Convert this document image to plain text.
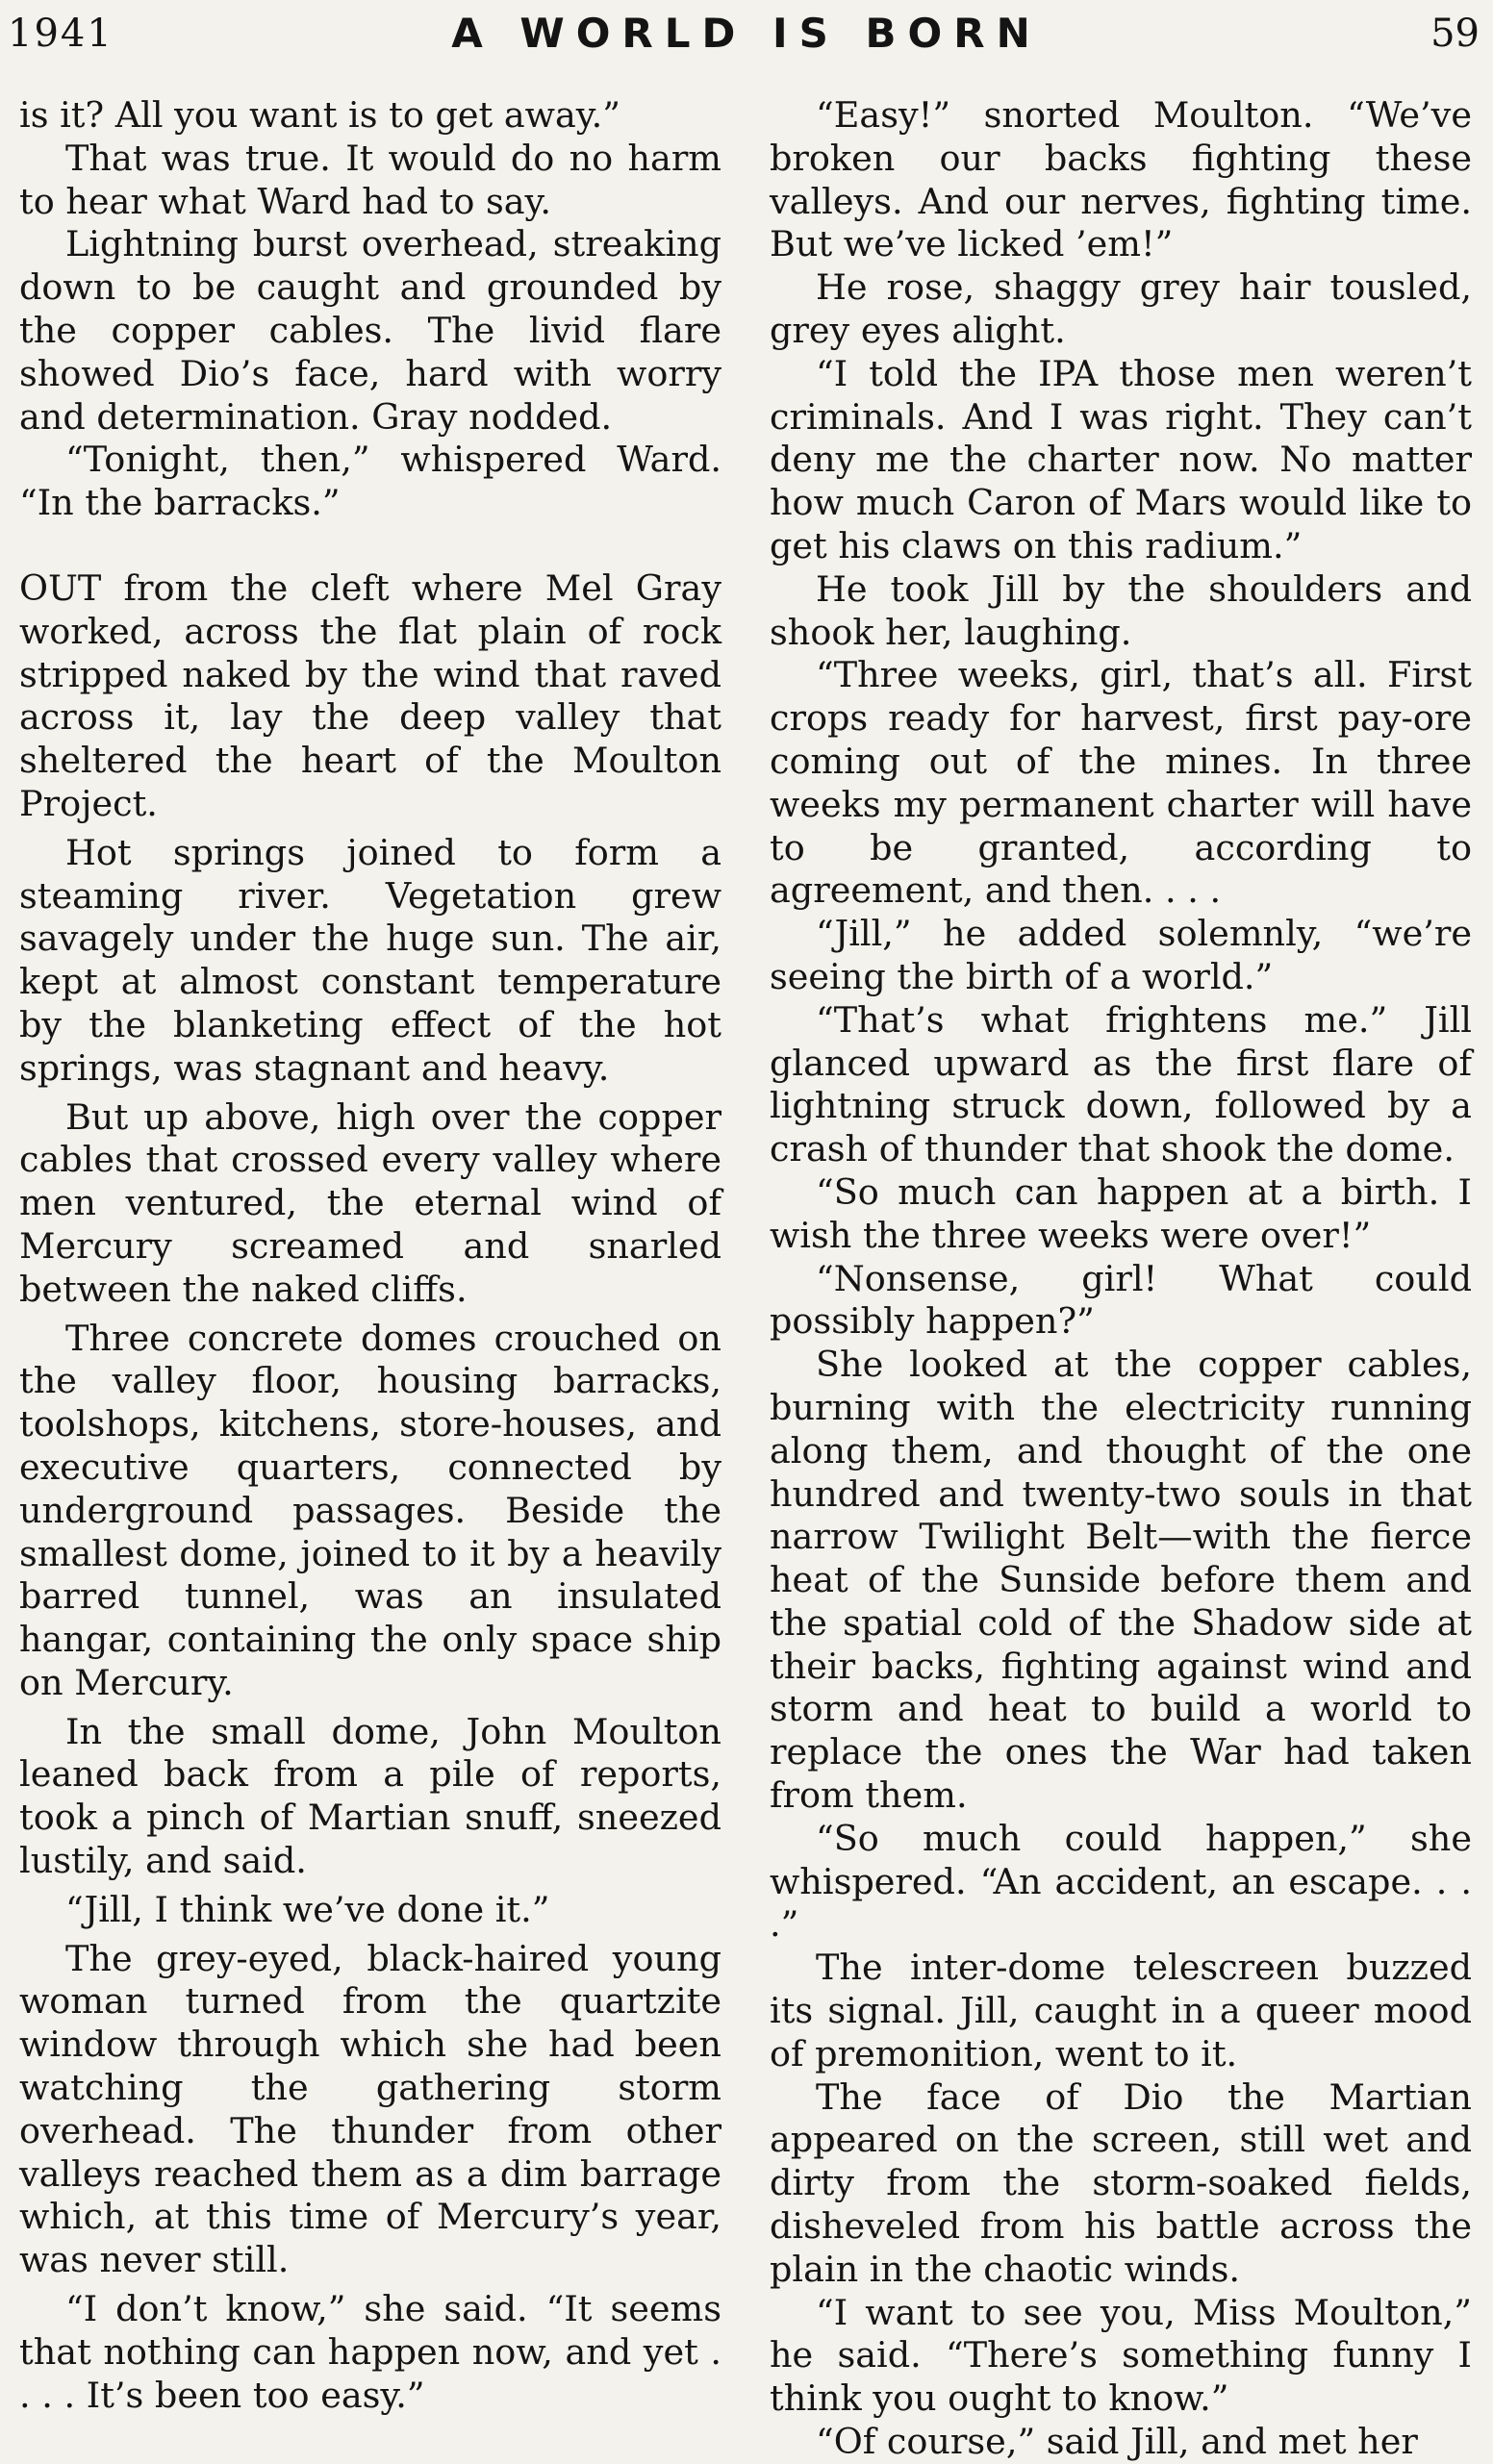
1941	A WORLD IS BORN	59

is it? All you want is to get away.”

That was true. It would do no harm to hear what Ward had to say.

Lightning burst overhead, streaking down to be caught and grounded by the copper cables. The livid flare showed Dio’s face, hard with worry and determination. Gray nodded.

“Tonight, then,” whispered Ward. “In the barracks.”

OUT from the cleft where Mel Gray worked, across the flat plain of rock stripped naked by the wind that raved across it, lay the deep valley that sheltered the heart of the Moulton Project.

Hot springs joined to form a steaming river. Vegetation grew savagely under the huge sun. The air, kept at almost constant temperature by the blanketing effect of the hot springs, was stagnant and heavy.

But up above, high over the copper cables that crossed every valley where men ventured, the eternal wind of Mercury screamed and snarled between the naked cliffs.

Three concrete domes crouched on the valley floor, housing barracks, toolshops, kitchens, store-houses, and executive quarters, connected by underground passages. Beside the smallest dome, joined to it by a heavily barred tunnel, was an insulated hangar, containing the only space ship on Mercury.

In the small dome, John Moulton leaned back from a pile of reports, took a pinch of Martian snuff, sneezed lustily, and said.

“Jill, I think we’ve done it.”

The grey-eyed, black-haired young woman turned from the quartzite window through which she had been watching the gathering storm overhead. The thunder from other valleys reached them as a dim barrage which, at this time of Mercury’s year, was never still.

“I don’t know,” she said. “It seems that nothing can happen now, and yet . . . . It’s been too easy.”

“Easy!” snorted Moulton. “We’ve broken our backs fighting these valleys. And our nerves, fighting time. But we’ve licked ’em!”

He rose, shaggy grey hair tousled, grey eyes alight.

“I told the IPA those men weren’t criminals. And I was right. They can’t deny me the charter now. No matter how much Caron of Mars would like to get his claws on this radium.”

He took Jill by the shoulders and shook her, laughing.

“Three weeks, girl, that’s all. First crops ready for harvest, first pay-ore coming out of the mines. In three weeks my permanent charter will have to be granted, according to agreement, and then. . . .

“Jill,” he added solemnly, “we’re seeing the birth of a world.”

“That’s what frightens me.” Jill glanced upward as the first flare of lightning struck down, followed by a crash of thunder that shook the dome.

“So much can happen at a birth. I wish the three weeks were over!”

“Nonsense, girl! What could possibly happen?”

She looked at the copper cables, burning with the electricity running along them, and thought of the one hundred and twenty-two souls in that narrow Twilight Belt—with the fierce heat of the Sunside before them and the spatial cold of the Shadow side at their backs, fighting against wind and storm and heat to build a world to replace the ones the War had taken from them.

“So much could happen,” she whispered. “An accident, an escape. . . .”

The inter-dome telescreen buzzed its signal. Jill, caught in a queer mood of premonition, went to it.

The face of Dio the Martian appeared on the screen, still wet and dirty from the storm-soaked fields, disheveled from his battle across the plain in the chaotic winds.

“I want to see you, Miss Moulton,” he said. “There’s something funny I think you ought to know.”

“Of course,” said Jill, and met her
